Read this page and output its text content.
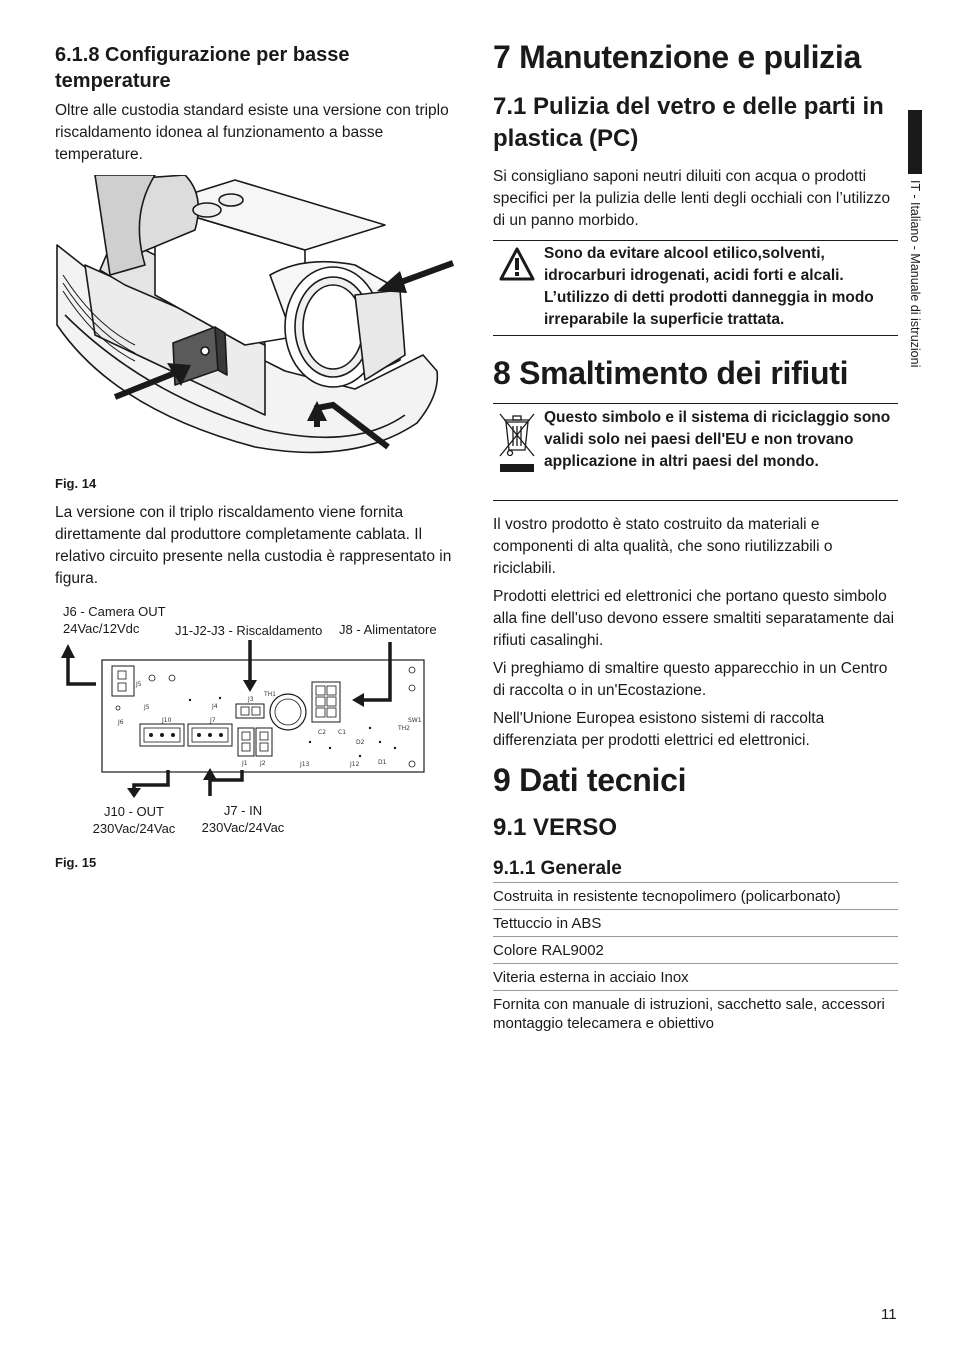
6.1.8 Configurazione per basse temperature

Oltre alle custodia standard esiste una versione con triplo riscaldamento idonea al funzionamento a basse temperature.

Fig. 14

La versione con il triplo riscaldamento viene fornita direttamente dal produttore completamente cablata. Il relativo circuito presente nella custodia è rappresentato in figura.

J6 - Camera OUT
24Vac/12Vdc	J1-J2-J3 - Riscaldamento J8 - Alimentatore
J5
J5
J10	J7
J4
J6
J3
TH1
J1 J2
C2 C1
D2
D1
J12
J13
TH2
SW1
J10 - OUT
230Vac/24Vac
J7 - IN
230Vac/24Vac
Fig. 15
7 Manutenzione e pulizia
7.1 Pulizia del vetro e delle parti in plastica (PC)

Si consigliano saponi neutri diluiti con acqua o prodotti specifici per la pulizia delle lenti degli occhiali con l’utilizzo di un panno morbido.

Sono da evitare alcool etilico,solventi, idrocarburi idrogenati, acidi forti e alcali. L’utilizzo di detti prodotti danneggia in modo irreparabile la superficie trattata.

8 Smaltimento dei rifiuti

Questo simbolo e il sistema di riciclaggio sono validi solo nei paesi dell'EU e non trovano applicazione in altri paesi del mondo.

Il vostro prodotto è stato costruito da materiali e componenti di alta qualità, che sono riutilizzabili o riciclabili.

Prodotti elettrici ed elettronici che portano questo simbolo alla fine dell'uso devono essere smaltiti separatamente dai rifiuti casalinghi.

Vi preghiamo di smaltire questo apparecchio in un Centro di raccolta o in un'Ecostazione.

Nell'Unione Europea esistono sistemi di raccolta differenziata per prodotti elettrici ed elettronici.

9 Dati tecnici
9.1 VERSO
9.1.1 Generale
Costruita in resistente tecnopolimero (policarbonato)
Tettuccio in ABS
Colore RAL9002
Viteria esterna in acciaio Inox
Fornita con manuale di istruzioni, sacchetto sale, accessori montaggio telecamera e obiettivo
IT - Italiano - Manuale di istruzioni
11
